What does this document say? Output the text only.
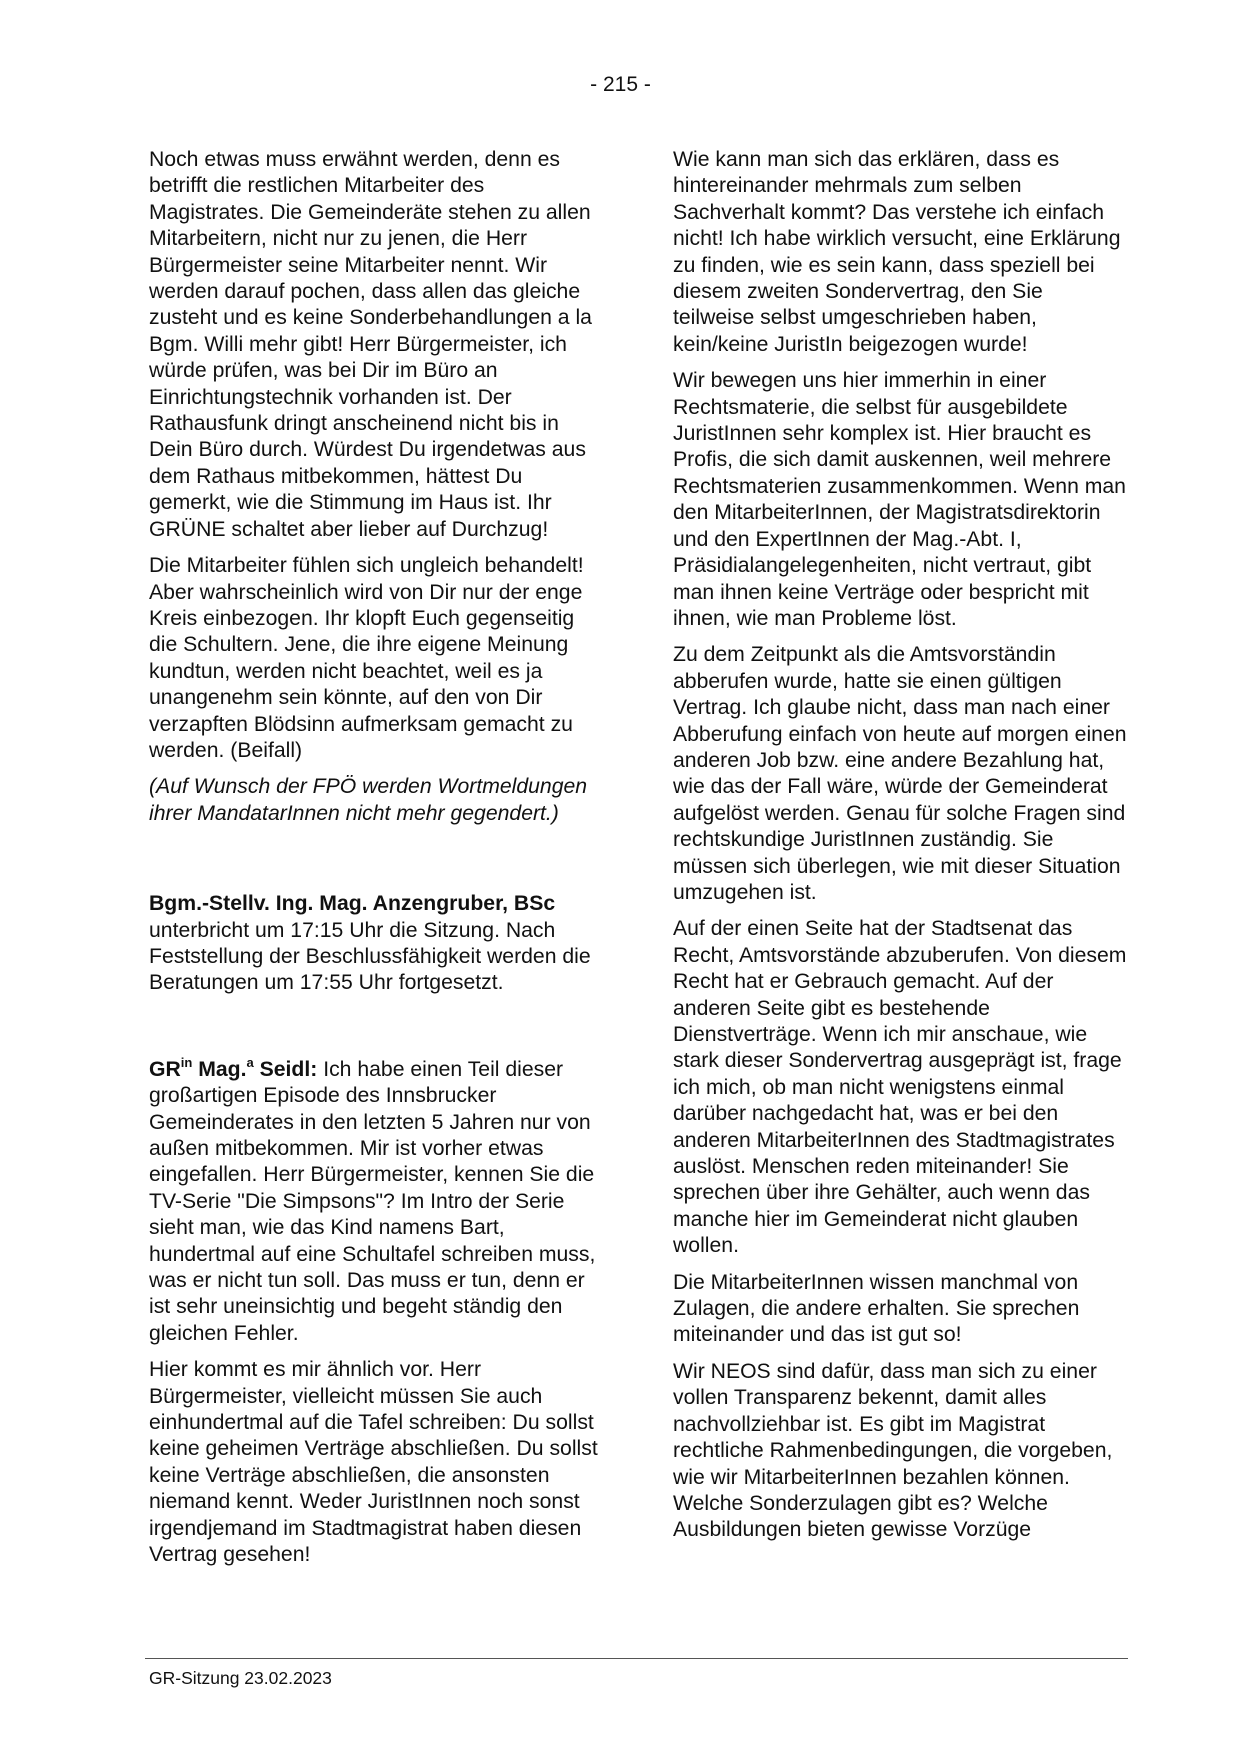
- 215 -

Noch etwas muss erwähnt werden, denn es betrifft die restlichen Mitarbeiter des Magistrates. Die Gemeinderäte stehen zu allen Mitarbeitern, nicht nur zu jenen, die Herr Bürgermeister seine Mitarbeiter nennt. Wir werden darauf pochen, dass allen das gleiche zusteht und es keine Sonderbehandlungen a la Bgm. Willi mehr gibt! Herr Bürgermeister, ich würde prüfen, was bei Dir im Büro an Einrichtungstechnik vorhanden ist. Der Rathausfunk dringt anscheinend nicht bis in Dein Büro durch. Würdest Du irgendetwas aus dem Rathaus mitbekommen, hättest Du gemerkt, wie die Stimmung im Haus ist. Ihr GRÜNE schaltet aber lieber auf Durchzug!

Die Mitarbeiter fühlen sich ungleich behandelt! Aber wahrscheinlich wird von Dir nur der enge Kreis einbezogen. Ihr klopft Euch gegenseitig die Schultern. Jene, die ihre eigene Meinung kundtun, werden nicht beachtet, weil es ja unangenehm sein könnte, auf den von Dir verzapften Blödsinn aufmerksam gemacht zu werden. (Beifall)

(Auf Wunsch der FPÖ werden Wortmeldungen ihrer MandatarInnen nicht mehr gegendert.)

Bgm.-Stellv. Ing. Mag. Anzengruber, BSc
unterbricht um 17:15 Uhr die Sitzung. Nach Feststellung der Beschlussfähigkeit werden die Beratungen um 17:55 Uhr fortgesetzt.

$GR^{in}$ Mag.$^a$ Seidl: Ich habe einen Teil dieser großartigen Episode des Innsbrucker Gemeinderates in den letzten 5 Jahren nur von außen mitbekommen. Mir ist vorher etwas eingefallen. Herr Bürgermeister, kennen Sie die TV-Serie "Die Simpsons"? Im Intro der Serie sieht man, wie das Kind namens Bart, hundertmal auf eine Schultafel schreiben muss, was er nicht tun soll. Das muss er tun, denn er ist sehr uneinsichtig und begeht ständig den gleichen Fehler.

Hier kommt es mir ähnlich vor. Herr Bürgermeister, vielleicht müssen Sie auch einhundertmal auf die Tafel schreiben: Du sollst keine geheimen Verträge abschließen. Du sollst keine Verträge abschließen, die ansonsten niemand kennt. Weder JuristInnen noch sonst irgendjemand im Stadtmagistrat haben diesen Vertrag gesehen!

Wie kann man sich das erklären, dass es hintereinander mehrmals zum selben Sachverhalt kommt? Das verstehe ich einfach nicht! Ich habe wirklich versucht, eine Erklärung zu finden, wie es sein kann, dass speziell bei diesem zweiten Sondervertrag, den Sie teilweise selbst umgeschrieben haben, kein/keine JuristIn beigezogen wurde!

Wir bewegen uns hier immerhin in einer Rechtsmaterie, die selbst für ausgebildete JuristInnen sehr komplex ist. Hier braucht es Profis, die sich damit auskennen, weil mehrere Rechtsmaterien zusammenkommen. Wenn man den MitarbeiterInnen, der Magistratsdirektorin und den ExpertInnen der Mag.-Abt. I, Präsidialangelegenheiten, nicht vertraut, gibt man ihnen keine Verträge oder bespricht mit ihnen, wie man Probleme löst.

Zu dem Zeitpunkt als die Amtsvorständin abberufen wurde, hatte sie einen gültigen Vertrag. Ich glaube nicht, dass man nach einer Abberufung einfach von heute auf morgen einen anderen Job bzw. eine andere Bezahlung hat, wie das der Fall wäre, würde der Gemeinderat aufgelöst werden. Genau für solche Fragen sind rechtskundige JuristInnen zuständig. Sie müssen sich überlegen, wie mit dieser Situation umzugehen ist.

Auf der einen Seite hat der Stadtsenat das Recht, Amtsvorstände abzuberufen. Von diesem Recht hat er Gebrauch gemacht. Auf der anderen Seite gibt es bestehende Dienstverträge. Wenn ich mir anschaue, wie stark dieser Sondervertrag ausgeprägt ist, frage ich mich, ob man nicht wenigstens einmal darüber nachgedacht hat, was er bei den anderen MitarbeiterInnen des Stadtmagistrates auslöst. Menschen reden miteinander! Sie sprechen über ihre Gehälter, auch wenn das manche hier im Gemeinderat nicht glauben wollen.

Die MitarbeiterInnen wissen manchmal von Zulagen, die andere erhalten. Sie sprechen miteinander und das ist gut so!

Wir NEOS sind dafür, dass man sich zu einer vollen Transparenz bekennt, damit alles nachvollziehbar ist. Es gibt im Magistrat rechtliche Rahmenbedingungen, die vorgeben, wie wir MitarbeiterInnen bezahlen können. Welche Sonderzulagen gibt es? Welche Ausbildungen bieten gewisse Vorzüge

GR-Sitzung 23.02.2023
